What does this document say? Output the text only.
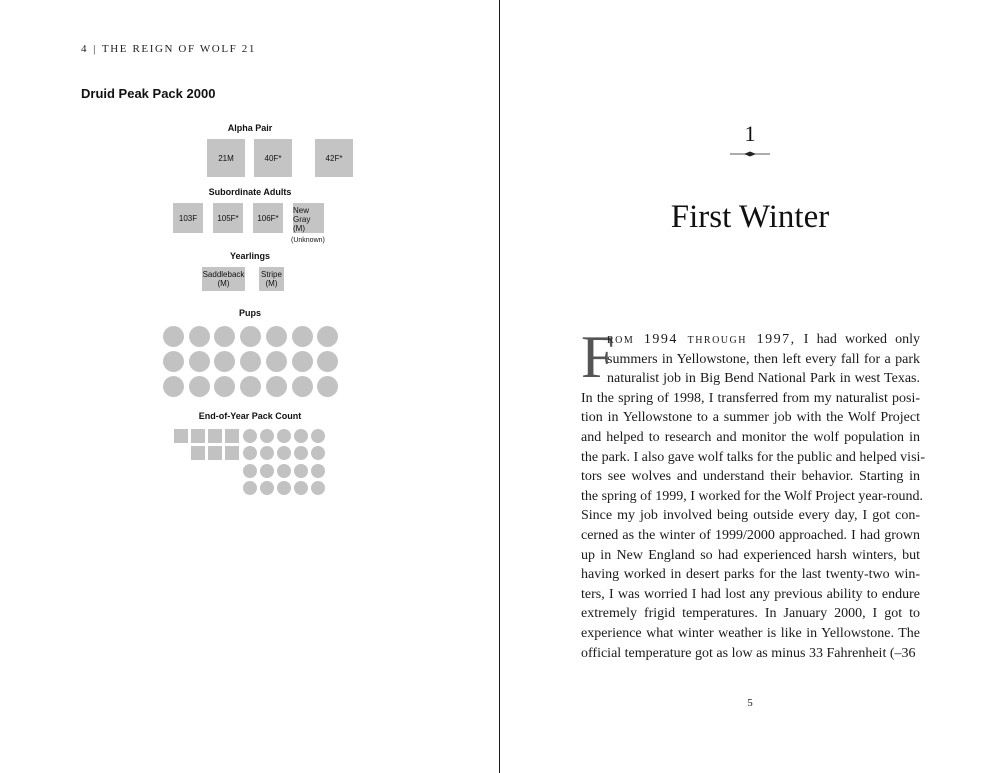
4 | THE REIGN OF WOLF 21
Druid Peak Pack 2000
Alpha Pair
21M	40F*	42F*
Subordinate Adults
103F	105F*	106F*
New
Gray
(M)
(Unknown)
Yearlings
Saddleback
(M)
Stripe
(M)
Pups
End-of-Year Pack Count
1
First Winter
F
rom 1994 through 1997, I had worked only
summers in Yellowstone, then left every fall for a park
naturalist job in Big Bend National Park in west Texas.
In the spring of 1998, I transferred from my naturalist posi-
tion in Yellowstone to a summer job with the Wolf Project
and helped to research and monitor the wolf population in
the park. I also gave wolf talks for the public and helped visi-
tors see wolves and understand their behavior. Starting in
the spring of 1999, I worked for the Wolf Project year-round.
Since my job involved being outside every day, I got con-
cerned as the winter of 1999/2000 approached. I had grown
up in New England so had experienced harsh winters, but
having worked in desert parks for the last twenty-two win-
ters, I was worried I had lost any previous ability to endure
extremely frigid temperatures. In January 2000, I got to
experience what winter weather is like in Yellowstone. The
official temperature got as low as minus 33 Fahrenheit (–36
5
